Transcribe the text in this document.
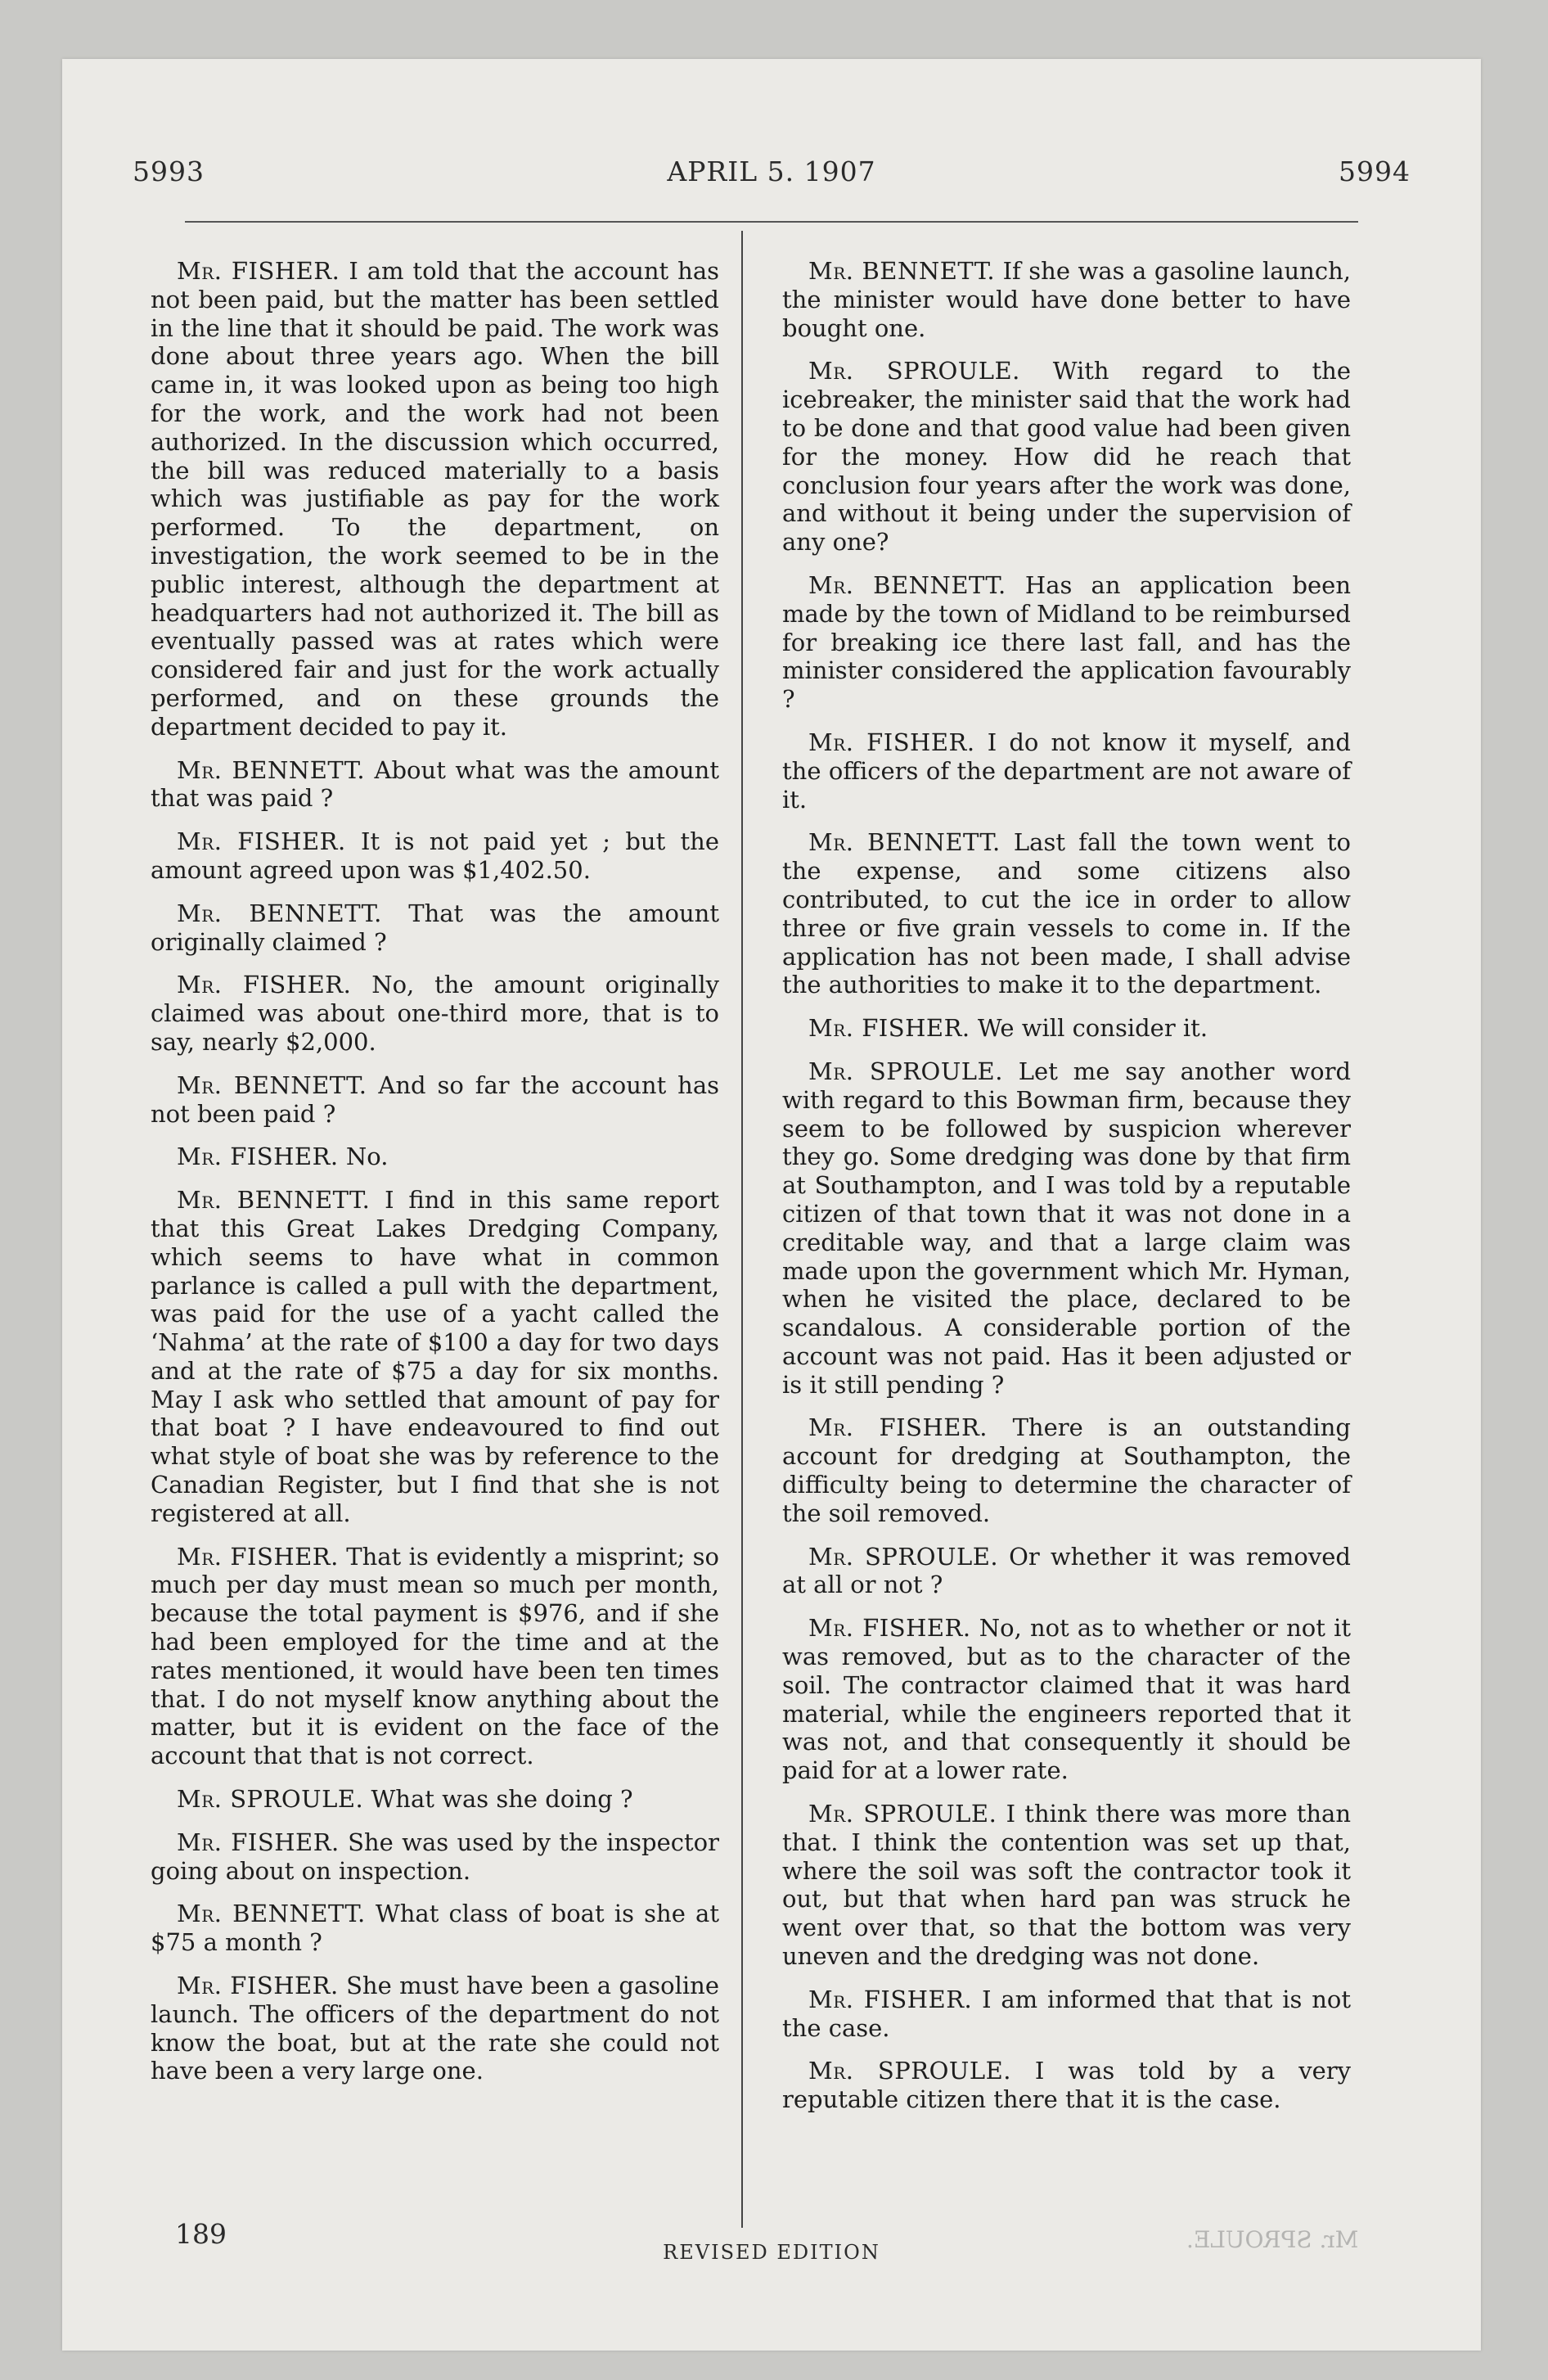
5993	APRIL 5. 1907	5994

Mr. FISHER. I am told that the account has not been paid, but the matter has been settled in the line that it should be paid. The work was done about three years ago. When the bill came in, it was looked upon as being too high for the work, and the work had not been authorized. In the discussion which occurred, the bill was reduced materially to a basis which was justifiable as pay for the work performed. To the department, on investigation, the work seemed to be in the public interest, although the department at headquarters had not authorized it. The bill as eventually passed was at rates which were considered fair and just for the work actually performed, and on these grounds the department decided to pay it.

Mr. BENNETT. About what was the amount that was paid ?

Mr. FISHER. It is not paid yet ; but the amount agreed upon was $1,402.50.

Mr. BENNETT. That was the amount originally claimed ?

Mr. FISHER. No, the amount originally claimed was about one-third more, that is to say, nearly $2,000.

Mr. BENNETT. And so far the account has not been paid ?

Mr. FISHER. No.

Mr. BENNETT. I find in this same report that this Great Lakes Dredging Company, which seems to have what in common parlance is called a pull with the department, was paid for the use of a yacht called the ‘Nahma’ at the rate of $100 a day for two days and at the rate of $75 a day for six months. May I ask who settled that amount of pay for that boat ? I have endeavoured to find out what style of boat she was by reference to the Canadian Register, but I find that she is not registered at all.

Mr. FISHER. That is evidently a misprint; so much per day must mean so much per month, because the total payment is $976, and if she had been employed for the time and at the rates mentioned, it would have been ten times that. I do not myself know anything about the matter, but it is evident on the face of the account that that is not correct.

Mr. SPROULE. What was she doing ?

Mr. FISHER. She was used by the inspector going about on inspection.

Mr. BENNETT. What class of boat is she at $75 a month ?

Mr. FISHER. She must have been a gasoline launch. The officers of the department do not know the boat, but at the rate she could not have been a very large one.

Mr. BENNETT. If she was a gasoline launch, the minister would have done better to have bought one.

Mr. SPROULE. With regard to the icebreaker, the minister said that the work had to be done and that good value had been given for the money. How did he reach that conclusion four years after the work was done, and without it being under the supervision of any one?

Mr. BENNETT. Has an application been made by the town of Midland to be reimbursed for breaking ice there last fall, and has the minister considered the application favourably ?

Mr. FISHER. I do not know it myself, and the officers of the department are not aware of it.

Mr. BENNETT. Last fall the town went to the expense, and some citizens also contributed, to cut the ice in order to allow three or five grain vessels to come in. If the application has not been made, I shall advise the authorities to make it to the department.

Mr. FISHER. We will consider it.

Mr. SPROULE. Let me say another word with regard to this Bowman firm, because they seem to be followed by suspicion wherever they go. Some dredging was done by that firm at Southampton, and I was told by a reputable citizen of that town that it was not done in a creditable way, and that a large claim was made upon the government which Mr. Hyman, when he visited the place, declared to be scandalous. A considerable portion of the account was not paid. Has it been adjusted or is it still pending ?

Mr. FISHER. There is an outstanding account for dredging at Southampton, the difficulty being to determine the character of the soil removed.

Mr. SPROULE. Or whether it was removed at all or not ?

Mr. FISHER. No, not as to whether or not it was removed, but as to the character of the soil. The contractor claimed that it was hard material, while the engineers reported that it was not, and that consequently it should be paid for at a lower rate.

Mr. SPROULE. I think there was more than that. I think the contention was set up that, where the soil was soft the contractor took it out, but that when hard pan was struck he went over that, so that the bottom was very uneven and the dredging was not done.

Mr. FISHER. I am informed that that is not the case.

Mr. SPROULE. I was told by a very reputable citizen there that it is the case.

189
REVISED EDITION	Mr. SPROULE.
